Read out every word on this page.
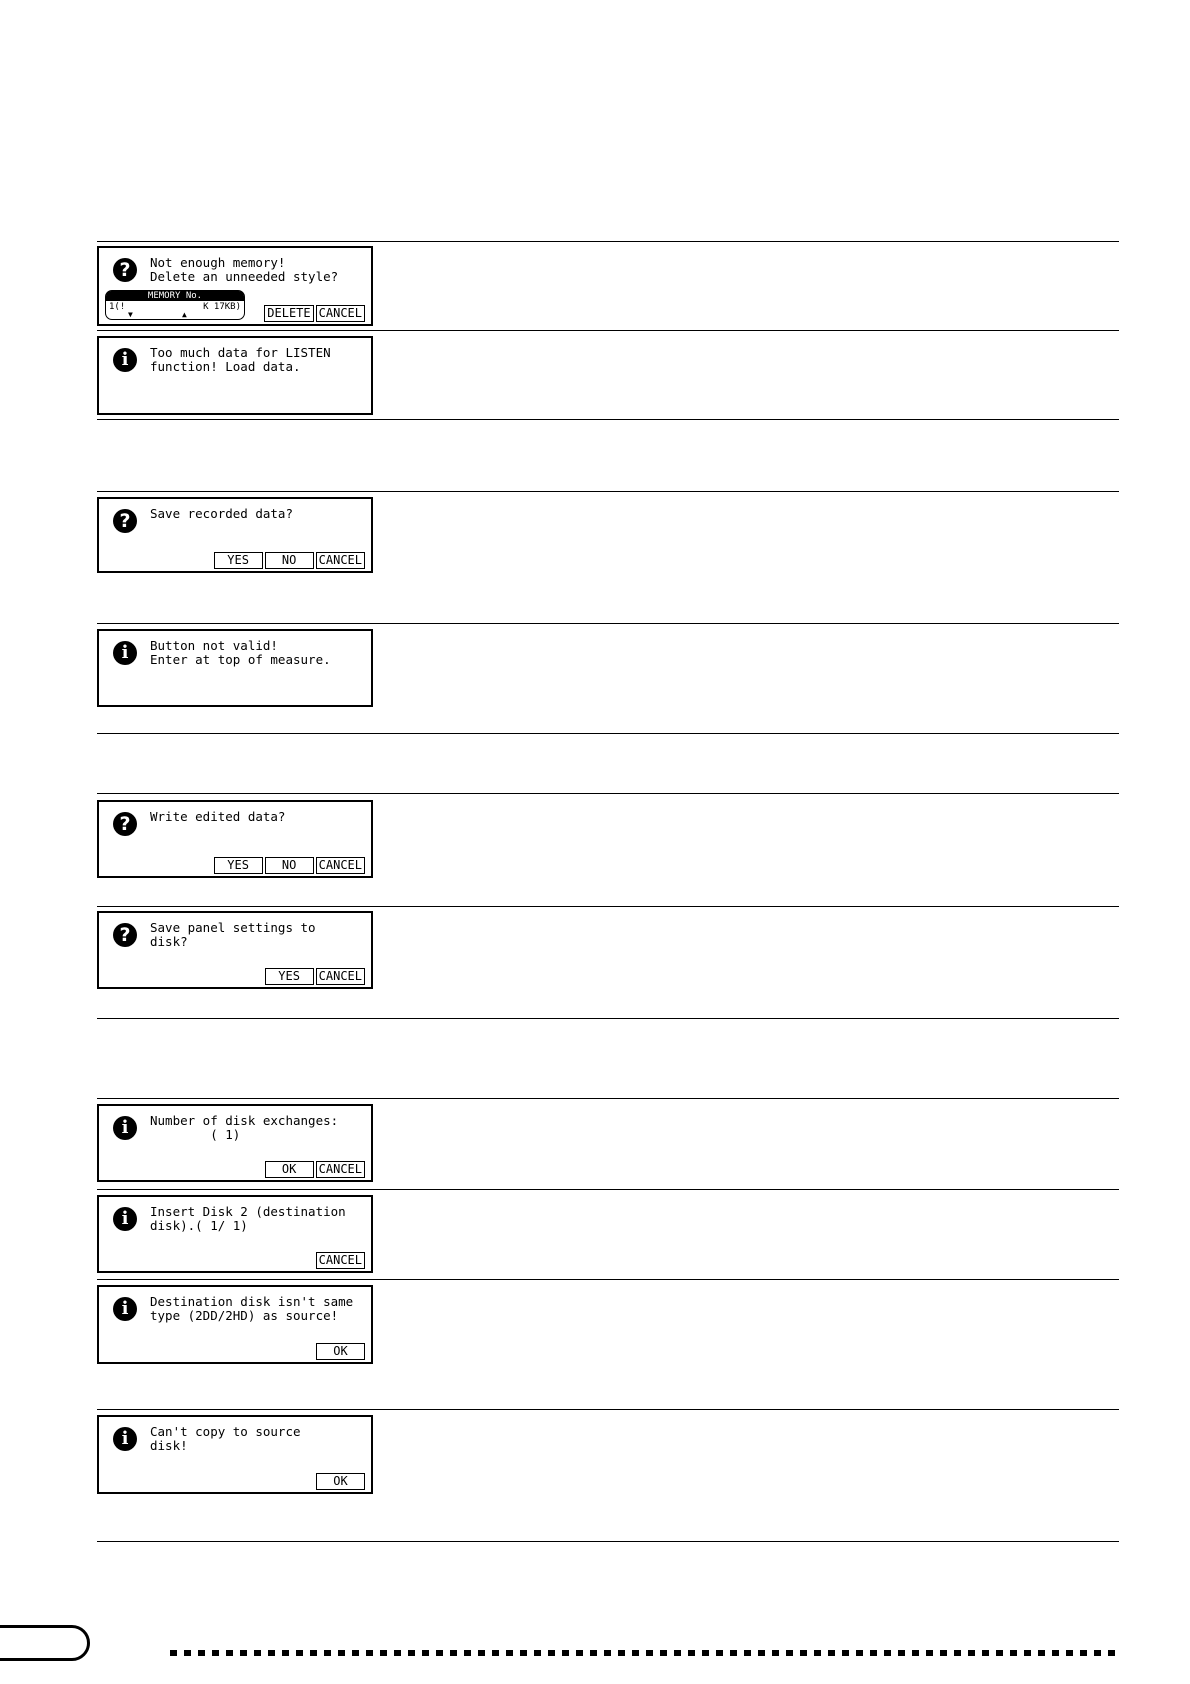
?	Not enough memory!
Delete an unneeded style?
MEMORY No.
1(!	K 17KB)
▼	▲	DELETE CANCEL
i	Too much data for LISTEN
function! Load data.
?	Save recorded data?
YES	NO	CANCEL
i	Button not valid!
Enter at top of measure.
?	Write edited data?
YES	NO	CANCEL
?	Save panel settings to
disk?
YES	CANCEL
i	Number of disk exchanges:
( 1)
OK	CANCEL
i	Insert Disk 2 (destination
disk).( 1/ 1)
CANCEL
i	Destination disk isn't same
type (2DD/2HD) as source!
OK
i	Can't copy to source
disk!
OK
